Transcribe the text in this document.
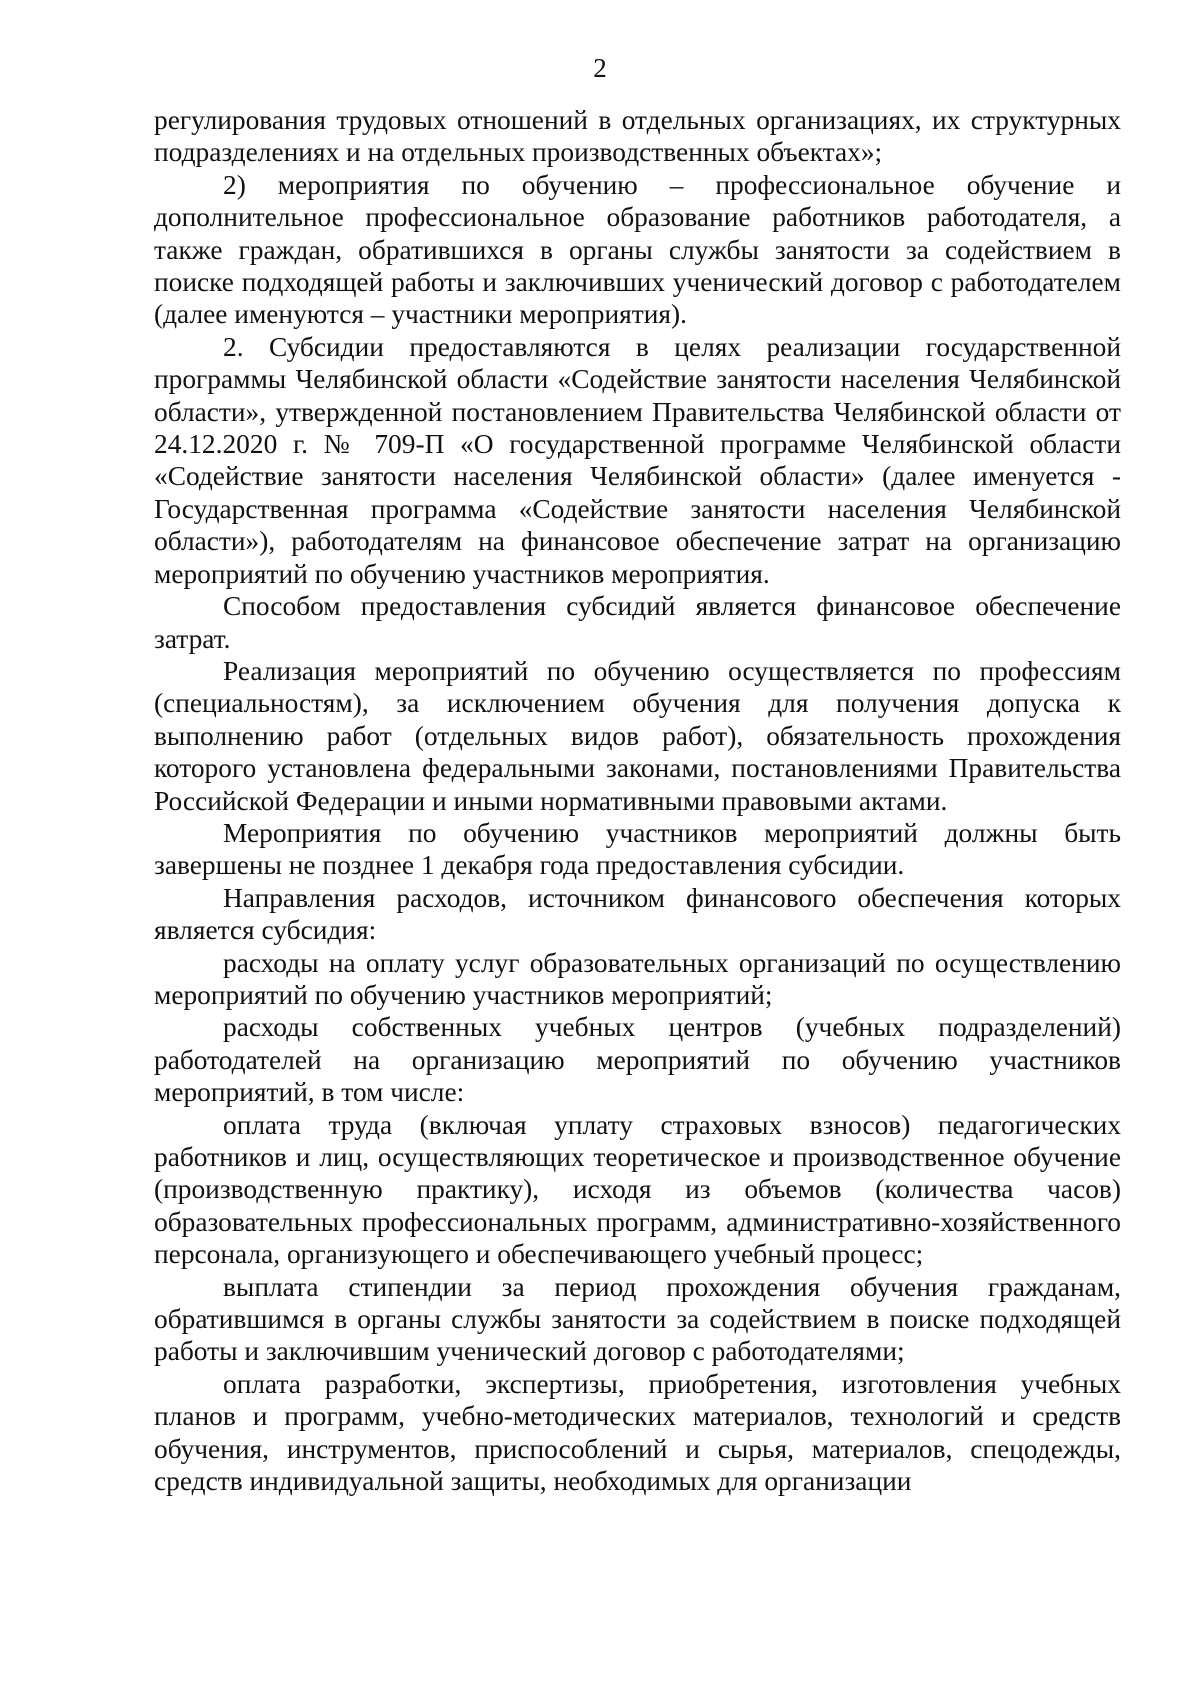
2

регулирования трудовых отношений в отдельных организациях, их структурных подразделениях и на отдельных производственных объектах»;

2) мероприятия по обучению – профессиональное обучение и дополнительное профессиональное образование работников работодателя, а также граждан, обратившихся в органы службы занятости за содействием в поиске подходящей работы и заключивших ученический договор с работодателем (далее именуются – участники мероприятия).

2. Субсидии предоставляются в целях реализации государственной программы Челябинской области «Содействие занятости населения Челябинской области», утвержденной постановлением Правительства Челябинской области от 24.12.2020 г. № 709-П «О государственной программе Челябинской области «Содействие занятости населения Челябинской области» (далее именуется - Государственная программа «Содействие занятости населения Челябинской области»), работодателям на финансовое обеспечение затрат на организацию мероприятий по обучению участников мероприятия.

Способом предоставления субсидий является финансовое обеспечение затрат.

Реализация мероприятий по обучению осуществляется по профессиям (специальностям), за исключением обучения для получения допуска к выполнению работ (отдельных видов работ), обязательность прохождения которого установлена федеральными законами, постановлениями Правительства Российской Федерации и иными нормативными правовыми актами.

Мероприятия по обучению участников мероприятий должны быть завершены не позднее 1 декабря года предоставления субсидии.

Направления расходов, источником финансового обеспечения которых является субсидия:

расходы на оплату услуг образовательных организаций по осуществлению мероприятий по обучению участников мероприятий;

расходы собственных учебных центров (учебных подразделений) работодателей на организацию мероприятий по обучению участников мероприятий, в том числе:

оплата труда (включая уплату страховых взносов) педагогических работников и лиц, осуществляющих теоретическое и производственное обучение (производственную практику), исходя из объемов (количества часов) образовательных профессиональных программ, административно-хозяйственного персонала, организующего и обеспечивающего учебный процесс;

выплата стипендии за период прохождения обучения гражданам, обратившимся в органы службы занятости за содействием в поиске подходящей работы и заключившим ученический договор с работодателями;

оплата разработки, экспертизы, приобретения, изготовления учебных планов и программ, учебно-методических материалов, технологий и средств обучения, инструментов, приспособлений и сырья, материалов, спецодежды, средств индивидуальной защиты, необходимых для организации
